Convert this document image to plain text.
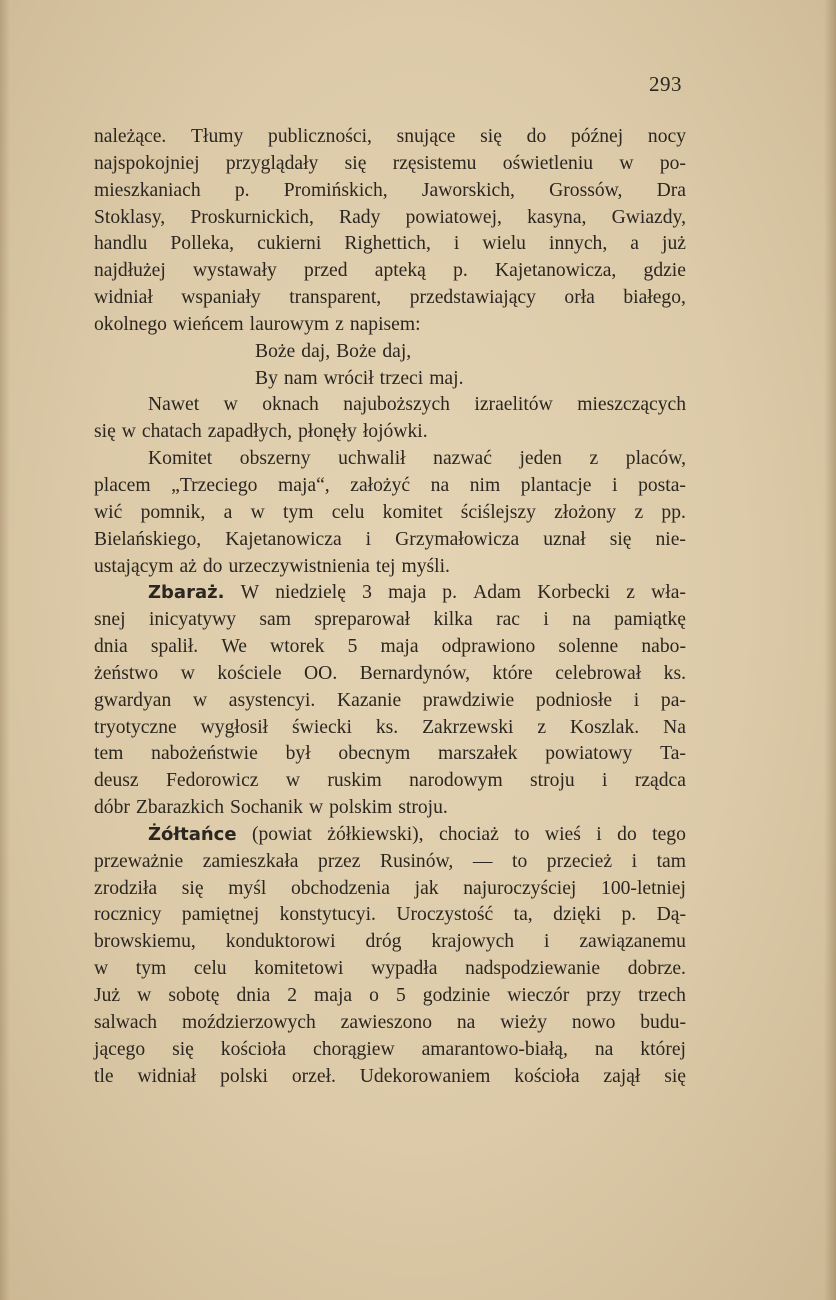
293
należące. Tłumy publiczności, snujące się do późnej nocy
najspokojniej przyglądały się rzęsistemu oświetleniu w po-
mieszkaniach p. Promińskich, Jaworskich, Grossów, Dra
Stoklasy, Proskurnickich, Rady powiatowej, kasyna, Gwiazdy,
handlu Polleka, cukierni Righettich, i wielu innych, a już
najdłużej wystawały przed apteką p. Kajetanowicza, gdzie
widniał wspaniały transparent, przedstawiający orła białego,
okolnego wieńcem laurowym z napisem:
Boże daj, Boże daj,
By nam wrócił trzeci maj.
Nawet w oknach najuboższych izraelitów mieszczących
się w chatach zapadłych, płonęły łojówki.
Komitet obszerny uchwalił nazwać jeden z placów,
placem „Trzeciego maja“, założyć na nim plantacje i posta-
wić pomnik, a w tym celu komitet ściślejszy złożony z pp.
Bielańskiego, Kajetanowicza i Grzymałowicza uznał się nie-
ustającym aż do urzeczywistnienia tej myśli.
Zbaraż. W niedzielę 3 maja p. Adam Korbecki z wła-
snej inicyatywy sam spreparował kilka rac i na pamiątkę
dnia spalił. We wtorek 5 maja odprawiono solenne nabo-
żeństwo w kościele OO. Bernardynów, które celebrował ks.
gwardyan w asystencyi. Kazanie prawdziwie podniosłe i pa-
tryotyczne wygłosił świecki ks. Zakrzewski z Koszlak. Na
tem nabożeństwie był obecnym marszałek powiatowy Ta-
deusz Fedorowicz w ruskim narodowym stroju i rządca
dóbr Zbarazkich Sochanik w polskim stroju.
Żółtańce (powiat żółkiewski), chociaż to wieś i do tego
przeważnie zamieszkała przez Rusinów, — to przecież i tam
zrodziła się myśl obchodzenia jak najuroczyściej 100-letniej
rocznicy pamiętnej konstytucyi. Uroczystość ta, dzięki p. Dą-
browskiemu, konduktorowi dróg krajowych i zawiązanemu
w tym celu komitetowi wypadła nadspodziewanie dobrze.
Już w sobotę dnia 2 maja o 5 godzinie wieczór przy trzech
salwach moździerzowych zawieszono na wieży nowo budu-
jącego się kościoła chorągiew amarantowo-białą, na której
tle widniał polski orzeł. Udekorowaniem kościoła zajął się
